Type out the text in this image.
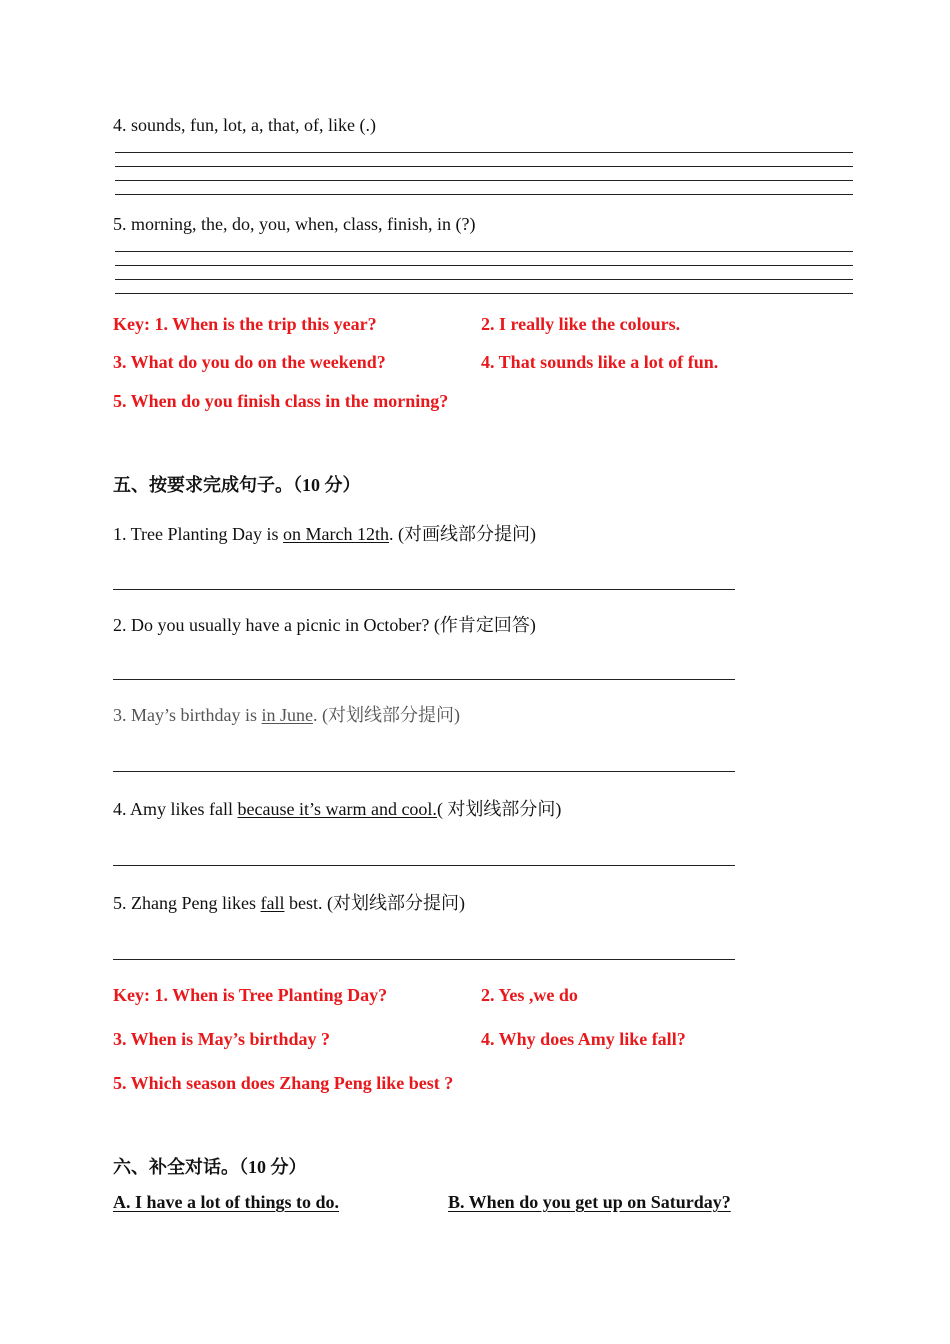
4. sounds, fun, lot, a, that, of, like (.)
5. morning, the, do, you, when, class, finish, in (?)
Key: 1. When is the trip this year?	2. I really like the colours.
3. What do you do on the weekend?	4. That sounds like a lot of fun.
5. When do you finish class in the morning?
五、按要求完成句子。（10 分）
1. Tree Planting Day is on March 12th. (对画线部分提问)
2. Do you usually have a picnic in October? (作肯定回答)
3. May’s birthday is in June. (对划线部分提问)
4. Amy likes fall because it’s warm and cool.( 对划线部分问)
5. Zhang Peng likes fall best. (对划线部分提问)
Key: 1. When is Tree Planting Day?	2. Yes ,we do
3. When is May’s birthday ?	4. Why does Amy like fall?
5. Which season does Zhang Peng like best ?
六、补全对话。（10 分）
A. I have a lot of things to do.	B. When do you get up on Saturday?
